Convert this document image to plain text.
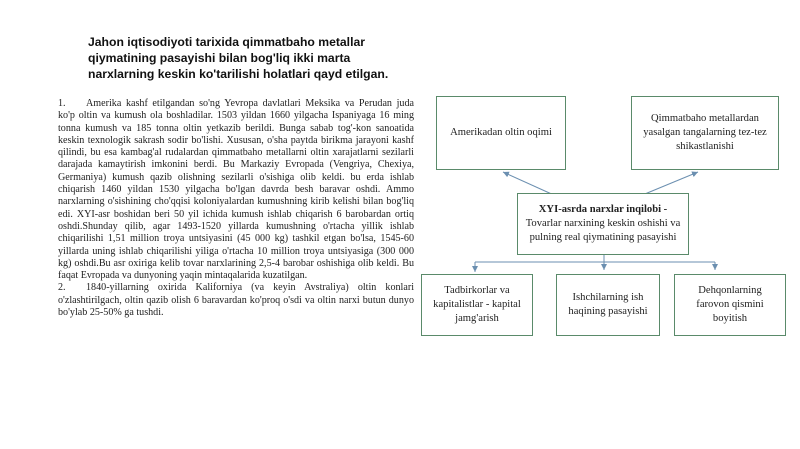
Jahon iqtisodiyoti tarixida qimmatbaho metallar qiymatining pasayishi bilan bog'liq ikki marta narxlarning keskin ko'tarilishi holatlari qayd etilgan.

1. Amerika kashf etilgandan so'ng Yevropa davlatlari Meksika va Perudan juda ko'p oltin va kumush ola boshladilar. 1503 yildan 1660 yilgacha Ispaniyaga 16 ming tonna kumush va 185 tonna oltin yetkazib berildi. Bunga sabab tog'-kon sanoatida keskin texnologik sakrash sodir bo'lishi. Xususan, o'sha paytda birikma jarayoni kashf qilindi, bu esa kambag'al rudalardan qimmatbaho metallarni oltin xarajatlarni sezilarli darajada kamaytirish imkonini berdi. Bu Markaziy Evropada (Vengriya, Chexiya, Germaniya) kumush qazib olishning sezilarli o'sishiga olib keldi. bu erda ishlab chiqarish 1460 yildan 1530 yilgacha bo'lgan davrda besh baravar oshdi. Ammo narxlarning o'sishining cho'qqisi koloniyalardan kumushning kirib kelishi bilan bog'liq edi. XYI-asr boshidan beri 50 yil ichida kumush ishlab chiqarish 6 barobardan ortiq oshdi.Shunday qilib, agar 1493-1520 yillarda kumushning o'rtacha yillik ishlab chiqarilishi 1,51 million troya untsiyasini (45 000 kg) tashkil etgan bo'lsa, 1545-60 yillarda uning ishlab chiqarilishi yiliga o'rtacha 10 million troya untsiyasiga (300 000 kg) oshdi.Bu asr oxiriga kelib tovar narxlarining 2,5-4 barobar oshishiga olib keldi. Bu faqat Evropada va dunyoning yaqin mintaqalarida kuzatilgan.

2. 1840-yillarning oxirida Kaliforniya (va keyin Avstraliya) oltin konlari o'zlashtirilgach, oltin qazib olish 6 baravardan ko'proq o'sdi va oltin narxi butun dunyo bo'ylab 25-50% ga tushdi.

Amerikadan oltin oqimi
Qimmatbaho metallardan yasalgan tangalarning tez-tez shikastlanishi
XYI-asrda narxlar inqilobi -
Tovarlar narxining keskin oshishi va pulning real qiymatining pasayishi
Tadbirkorlar va kapitalistlar - kapital jamg'arish
Ishchilarning ish haqining pasayishi
Dehqonlarning farovon qismini boyitish
